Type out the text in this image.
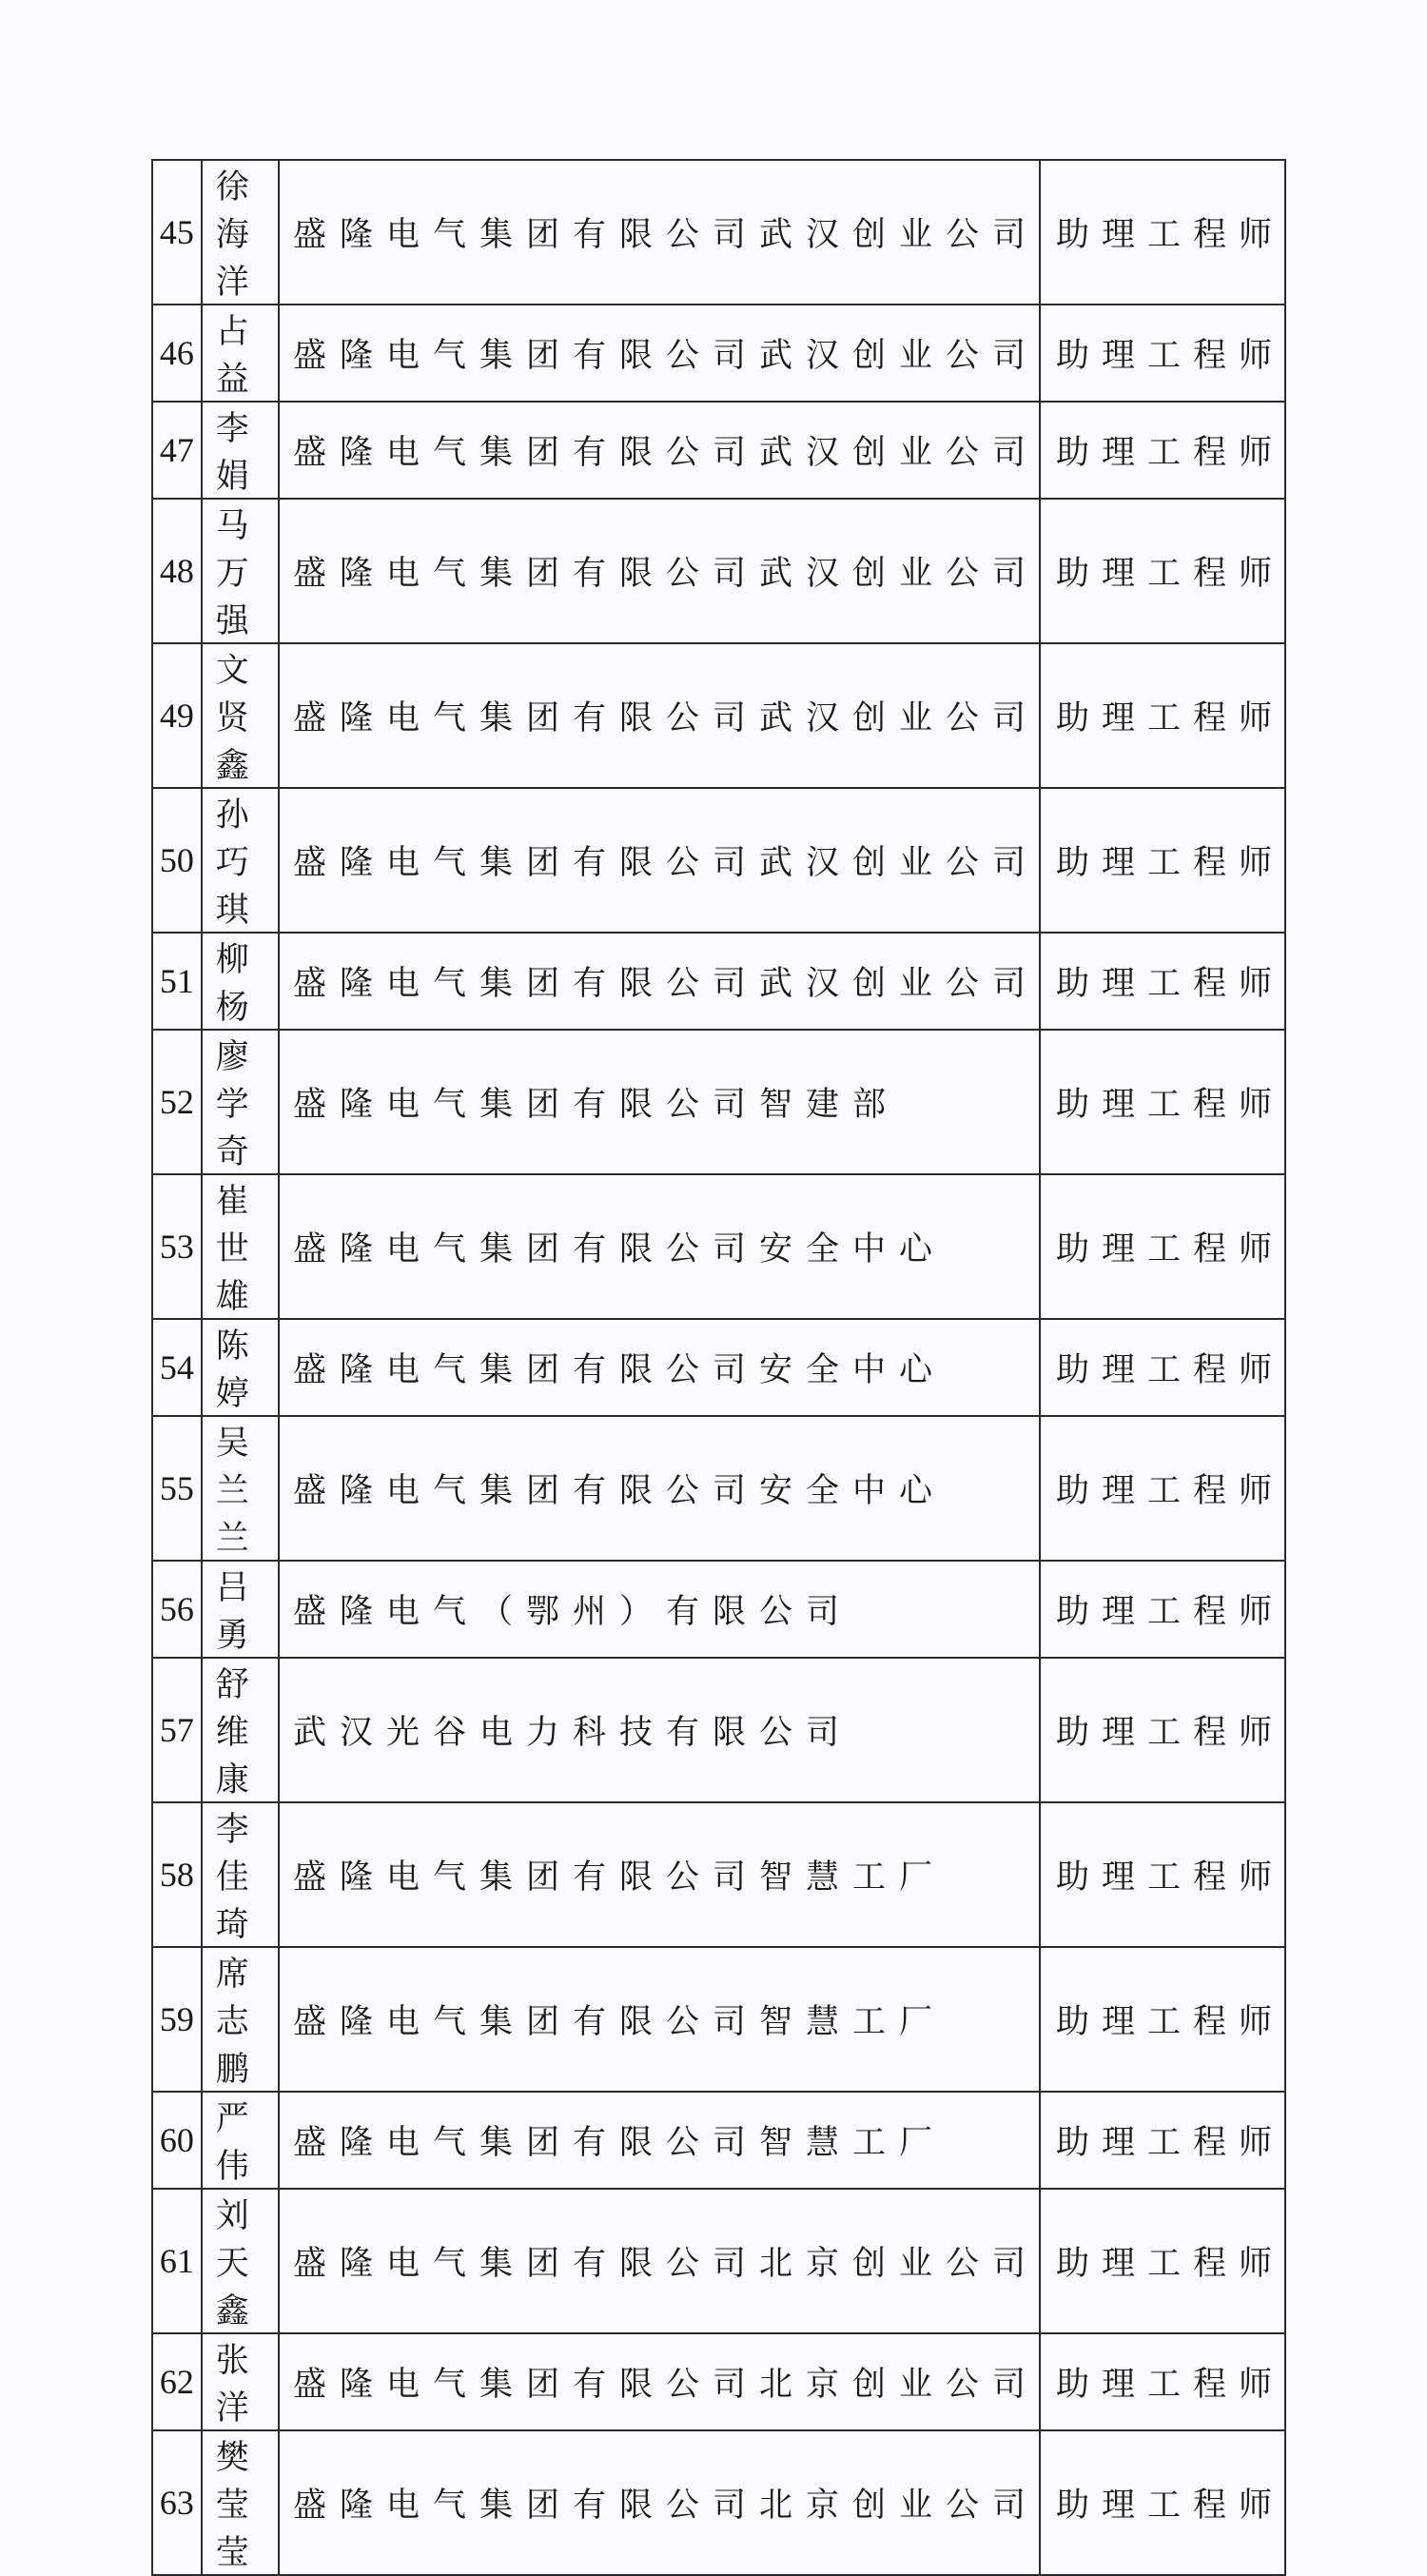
45	徐海洋	盛隆电气集团有限公司武汉创业公司	助理工程师
46	占 益	盛隆电气集团有限公司武汉创业公司	助理工程师
47	李 娟	盛隆电气集团有限公司武汉创业公司	助理工程师
48	马万强	盛隆电气集团有限公司武汉创业公司	助理工程师
49	文贤鑫	盛隆电气集团有限公司武汉创业公司	助理工程师
50	孙巧琪	盛隆电气集团有限公司武汉创业公司	助理工程师
51	柳 杨	盛隆电气集团有限公司武汉创业公司	助理工程师
52	廖学奇	盛隆电气集团有限公司智建部	助理工程师
53	崔世雄	盛隆电气集团有限公司安全中心	助理工程师
54	陈 婷	盛隆电气集团有限公司安全中心	助理工程师
55	吴兰兰	盛隆电气集团有限公司安全中心	助理工程师
56	吕 勇	盛隆电气（鄂州）有限公司	助理工程师
57	舒维康	武汉光谷电力科技有限公司	助理工程师
58	李佳琦	盛隆电气集团有限公司智慧工厂	助理工程师
59	席志鹏	盛隆电气集团有限公司智慧工厂	助理工程师
60	严 伟	盛隆电气集团有限公司智慧工厂	助理工程师
61	刘天鑫	盛隆电气集团有限公司北京创业公司	助理工程师
62	张 洋	盛隆电气集团有限公司北京创业公司	助理工程师
63	樊莹莹	盛隆电气集团有限公司北京创业公司	助理工程师
